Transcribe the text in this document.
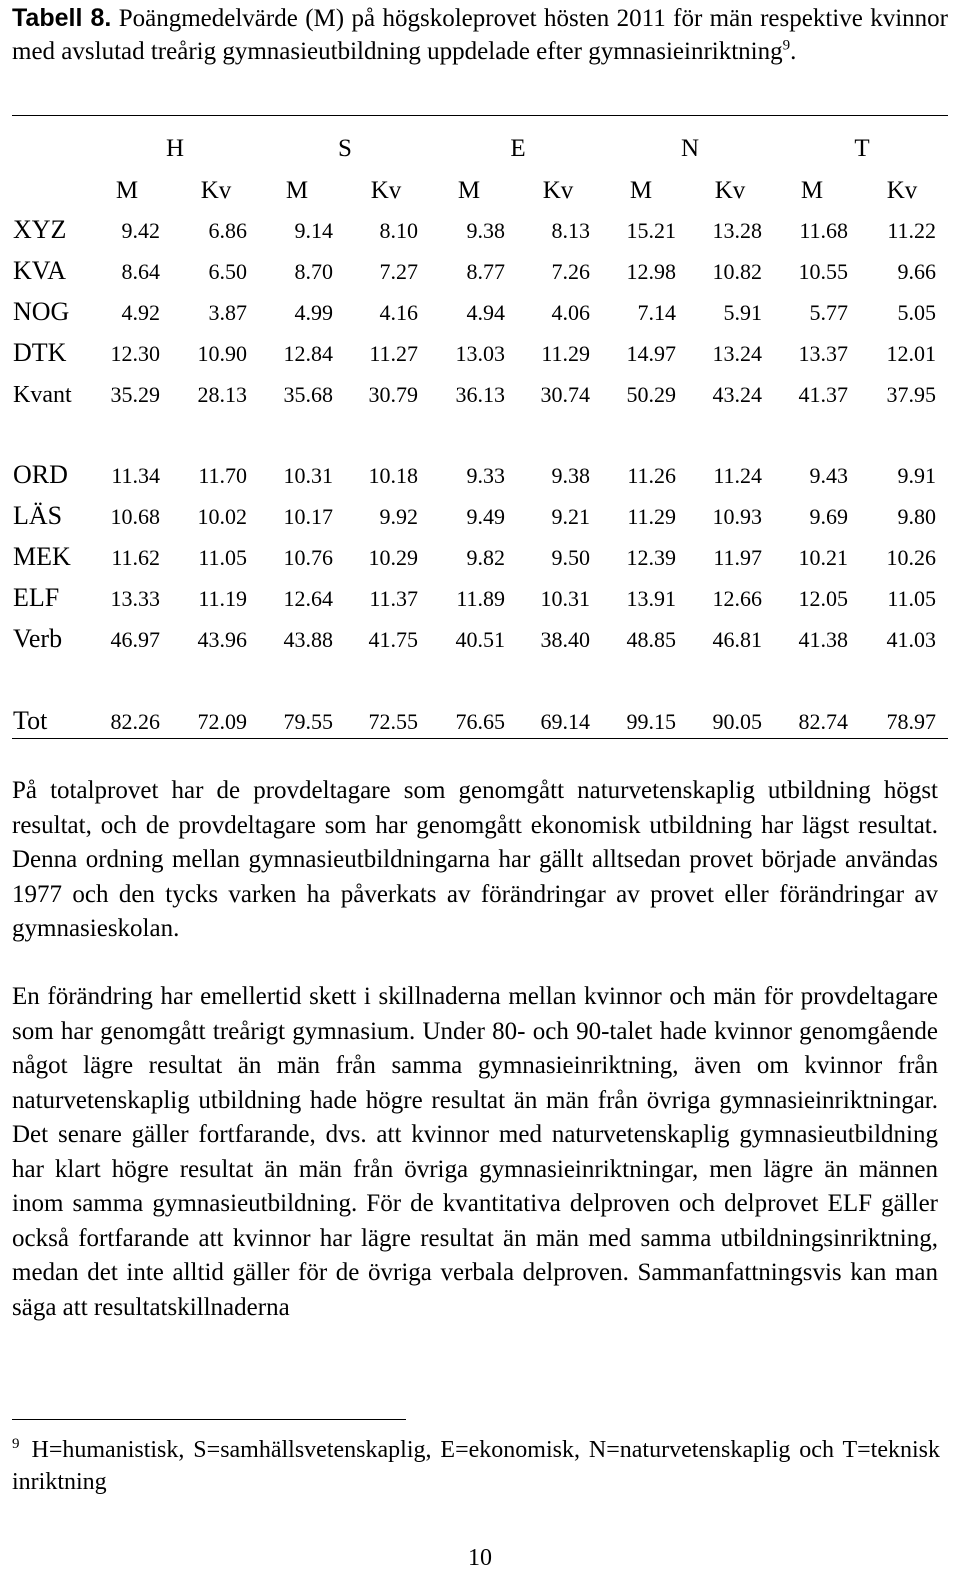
Tabell 8. Poängmedelvärde (M) på högskoleprovet hösten 2011 för män respektive kvinnor med avslutad treårig gymnasieutbildning uppdelade efter gymnasieinriktning$^9$.

H	S	E	N	T
M	Kv M	Kv M	Kv M	Kv M	Kv
XYZ	9.42	6.86	9.14	8.10	9.38	8.13	15.21	13.28	11.68	11.22
KVA	8.64	6.50	8.70	7.27	8.77	7.26	12.98	10.82	10.55	9.66
NOG	4.92	3.87	4.99	4.16	4.94	4.06	7.14	5.91	5.77	5.05
DTK	12.30	10.90	12.84	11.27	13.03	11.29	14.97	13.24	13.37	12.01
Kvant	35.29	28.13	35.68	30.79	36.13	30.74	50.29	43.24	41.37	37.95
ORD	11.34	11.70	10.31	10.18	9.33	9.38	11.26	11.24	9.43	9.91
LÄS	10.68	10.02	10.17	9.92	9.49	9.21	11.29	10.93	9.69	9.80
MEK	11.62	11.05	10.76	10.29	9.82	9.50	12.39	11.97	10.21	10.26
ELF	13.33	11.19	12.64	11.37	11.89	10.31	13.91	12.66	12.05	11.05
Verb	46.97	43.96	43.88	41.75	40.51	38.40	48.85	46.81	41.38	41.03
Tot	82.26	72.09	79.55	72.55	76.65	69.14	99.15	90.05	82.74	78.97

På totalprovet har de provdeltagare som genomgått naturvetenskaplig utbildning högst resultat, och de provdeltagare som har genomgått ekonomisk utbildning har lägst resultat. Denna ordning mellan gymnasieutbildningarna har gällt alltsedan provet började användas 1977 och den tycks varken ha påverkats av förändringar av provet eller förändringar av gymnasieskolan.

En förändring har emellertid skett i skillnaderna mellan kvinnor och män för provdeltagare som har genomgått treårigt gymnasium. Under 80- och 90-talet hade kvinnor genomgående något lägre resultat än män från samma gymnasieinriktning, även om kvinnor från naturvetenskaplig utbildning hade högre resultat än män från övriga gymnasieinriktningar. Det senare gäller fortfarande, dvs. att kvinnor med naturvetenskaplig gymnasieutbildning har klart högre resultat än män från övriga gymnasieinriktningar, men lägre än männen inom samma gymnasieutbildning. För de kvantitativa delproven och delprovet ELF gäller också fortfarande att kvinnor har lägre resultat än män med samma utbildningsinriktning, medan det inte alltid gäller för de övriga verbala delproven. Sammanfattningsvis kan man säga att resultatskillnaderna

$^9$ H=humanistisk, S=samhällsvetenskaplig, E=ekonomisk, N=naturvetenskaplig och T=teknisk inriktning

10
